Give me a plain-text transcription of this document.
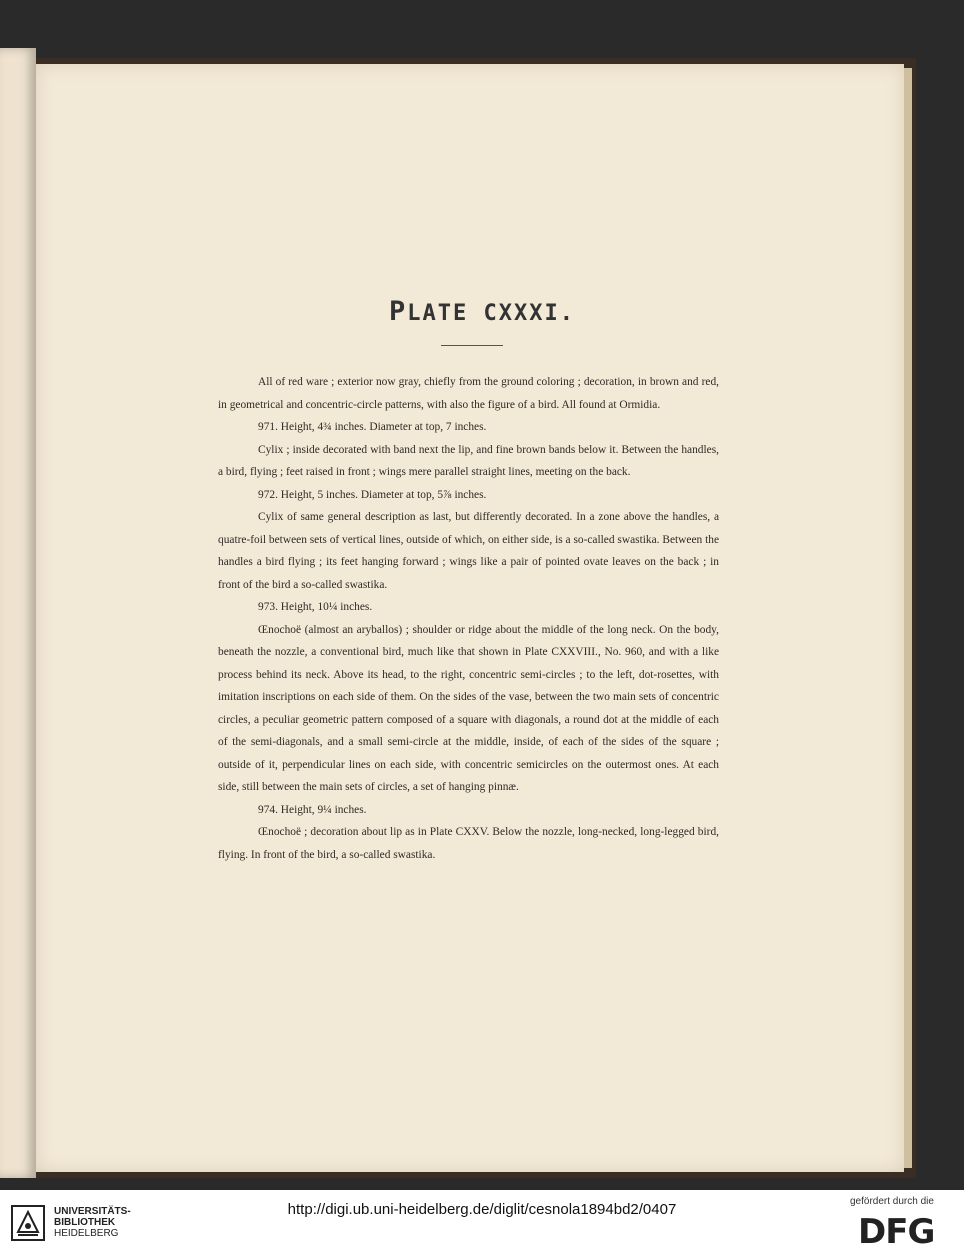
PLATE CXXXI.

All of red ware ; exterior now gray, chiefly from the ground coloring ; decoration, in brown and red, in geometrical and concentric-circle patterns, with also the figure of a bird. All found at Ormidia.

971. Height, 4¾ inches. Diameter at top, 7 inches.

Cylix ; inside decorated with band next the lip, and fine brown bands below it. Between the handles, a bird, flying ; feet raised in front ; wings mere parallel straight lines, meeting on the back.

972. Height, 5 inches. Diameter at top, 5⅞ inches.

Cylix of same general description as last, but differently decorated. In a zone above the handles, a quatre-foil between sets of vertical lines, outside of which, on either side, is a so-called swastika. Between the handles a bird flying ; its feet hanging forward ; wings like a pair of pointed ovate leaves on the back ; in front of the bird a so-called swastika.

973. Height, 10¼ inches.

Œnochoë (almost an aryballos) ; shoulder or ridge about the middle of the long neck. On the body, beneath the nozzle, a conventional bird, much like that shown in Plate CXXVIII., No. 960, and with a like process behind its neck. Above its head, to the right, concentric semi-circles ; to the left, dot-rosettes, with imitation inscriptions on each side of them. On the sides of the vase, between the two main sets of concentric circles, a peculiar geometric pattern composed of a square with diagonals, a round dot at the middle of each of the semi-diagonals, and a small semi-circle at the middle, inside, of each of the sides of the square ; outside of it, perpendicular lines on each side, with concentric semicircles on the outermost ones. At each side, still between the main sets of circles, a set of hanging pinnæ.

974. Height, 9¼ inches.

Œnochoë ; decoration about lip as in Plate CXXV. Below the nozzle, long-necked, long-legged bird, flying. In front of the bird, a so-called swastika.

UNIVERSITÄTS-
BIBLIOTHEK
HEIDELBERG
http://digi.ub.uni-heidelberg.de/diglit/cesnola1894bd2/0407	gefördert durch die
DFG
